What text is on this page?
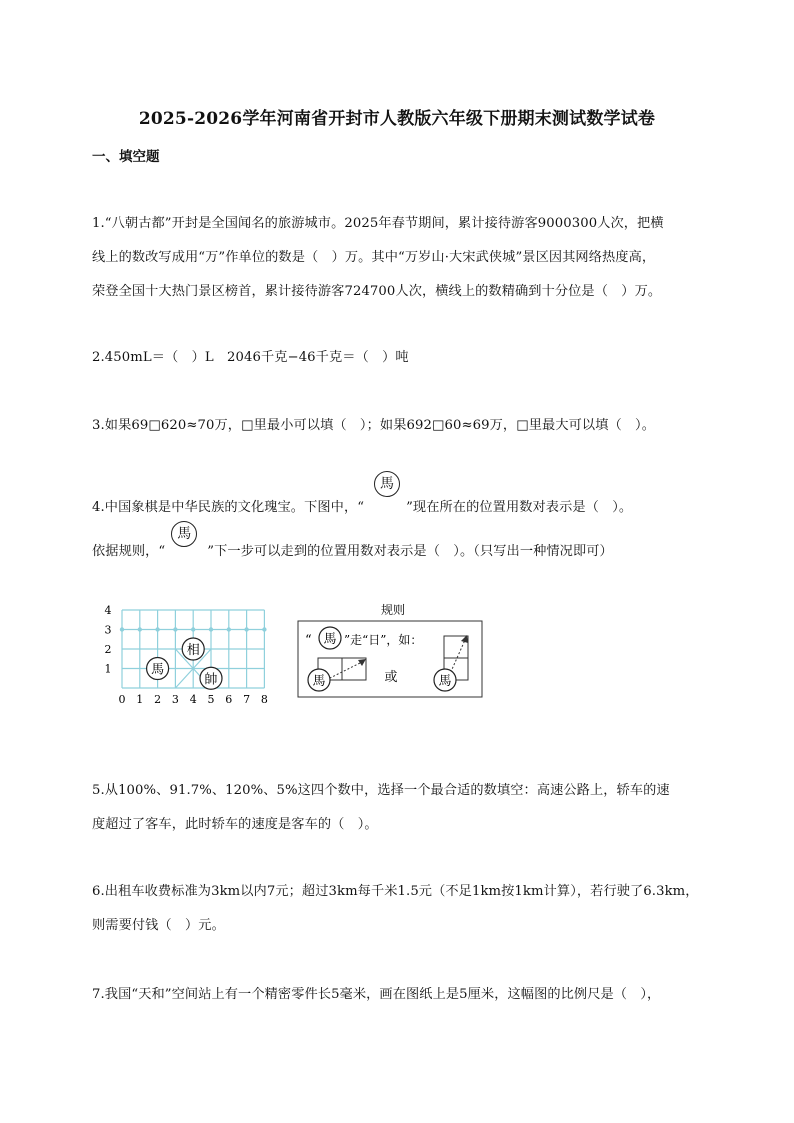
2025-2026学年河南省开封市人教版六年级下册期末测试数学试卷
一、填空题
1.“八朝古都”开封是全国闻名的旅游城市。2025年春节期间，累计接待游客9000300人次，把横
线上的数改写成用“万”作单位的数是（　）万。其中“万岁山·大宋武侠城”景区因其网络热度高，
荣登全国十大热门景区榜首，累计接待游客724700人次，横线上的数精确到十分位是（　）万。
2.450mL＝（　）L　2046千克−46千克＝（　）吨
3.如果69□620≈70万，□里最小可以填（　）；如果692□60≈69万，□里最大可以填（　）。
4.中国象棋是中华民族的文化瑰宝。下图中，“
馬
”现在所在的位置用数对表示是（　）。
依据规则，“
馬
”下一步可以走到的位置用数对表示是（　）。（只写出一种情况即可）
0 1 2 3 4 5 6 7 8
1
2
3
4
馬
相
帥
规则
“ 馬 ”走“日”，如：
馬	或	馬
5.从100%、91.7%、120%、5%这四个数中，选择一个最合适的数填空：高速公路上，轿车的速
度超过了客车，此时轿车的速度是客车的（　）。
6.出租车收费标准为3km以内7元；超过3km每千米1.5元（不足1km按1km计算），若行驶了6.3km，
则需要付钱（　）元。
7.我国“天和”空间站上有一个精密零件长5毫米，画在图纸上是5厘米，这幅图的比例尺是（　），
